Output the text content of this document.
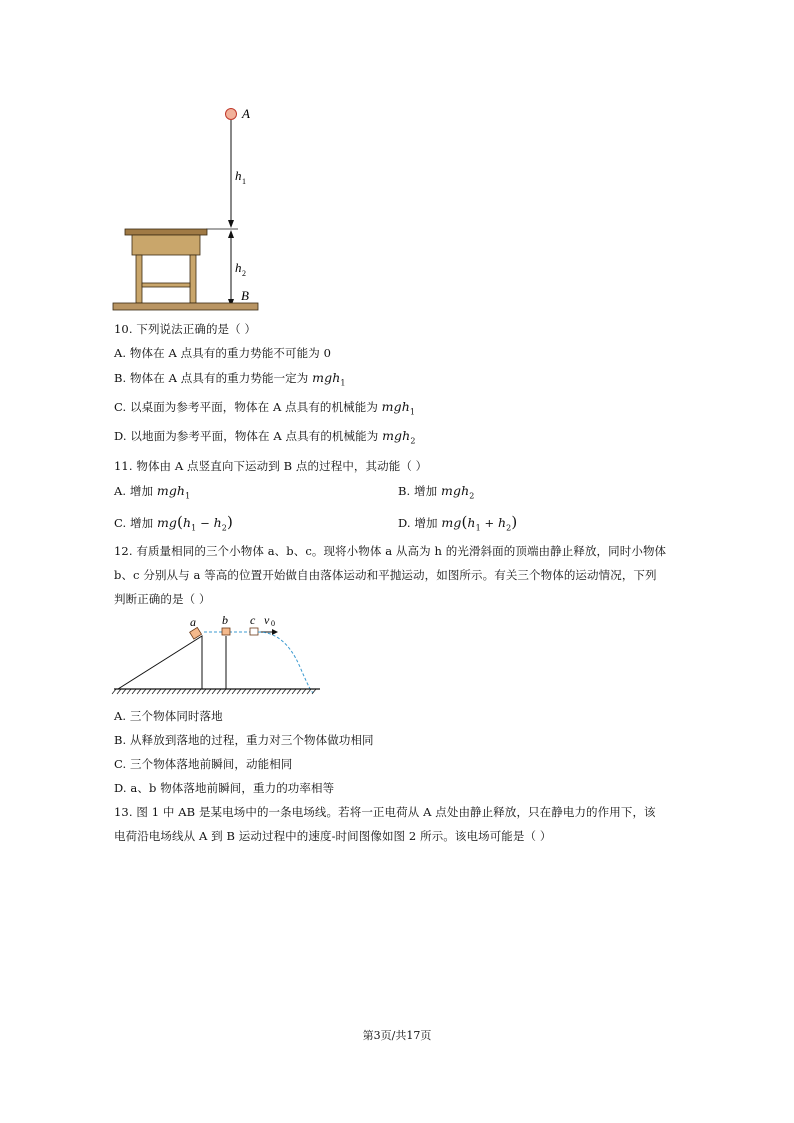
A
h 1
h 2
B
10. 下列说法正确的是（ ）
A. 物体在 A 点具有的重力势能不可能为 0
B. 物体在 A 点具有的重力势能一定为 mgh$_1$
C. 以桌面为参考平面，物体在 A 点具有的机械能为 mgh$_1$
D. 以地面为参考平面，物体在 A 点具有的机械能为 mgh$_2$
11. 物体由 A 点竖直向下运动到 B 点的过程中，其动能（ ）
A. 增加 mgh$_1$	B. 增加 mgh$_2$
C. 增加 $mg(h_1 - h_2)$	D. 增加 $mg(h_1 + h_2)$
12. 有质量相同的三个小物体 a、b、c。现将小物体 a 从高为 h 的光滑斜面的顶端由静止释放，同时小物体
b、c 分别从与 a 等高的位置开始做自由落体运动和平抛运动，如图所示。有关三个物体的运动情况，下列
判断正确的是（ ）
a b c v 0
A. 三个物体同时落地
B. 从释放到落地的过程，重力对三个物体做功相同
C. 三个物体落地前瞬间，动能相同
D. a、b 物体落地前瞬间，重力的功率相等
13. 图 1 中 AB 是某电场中的一条电场线。若将一正电荷从 A 点处由静止释放，只在静电力的作用下，该
电荷沿电场线从 A 到 B 运动过程中的速度-时间图像如图 2 所示。该电场可能是（ ）
第3页/共17页
